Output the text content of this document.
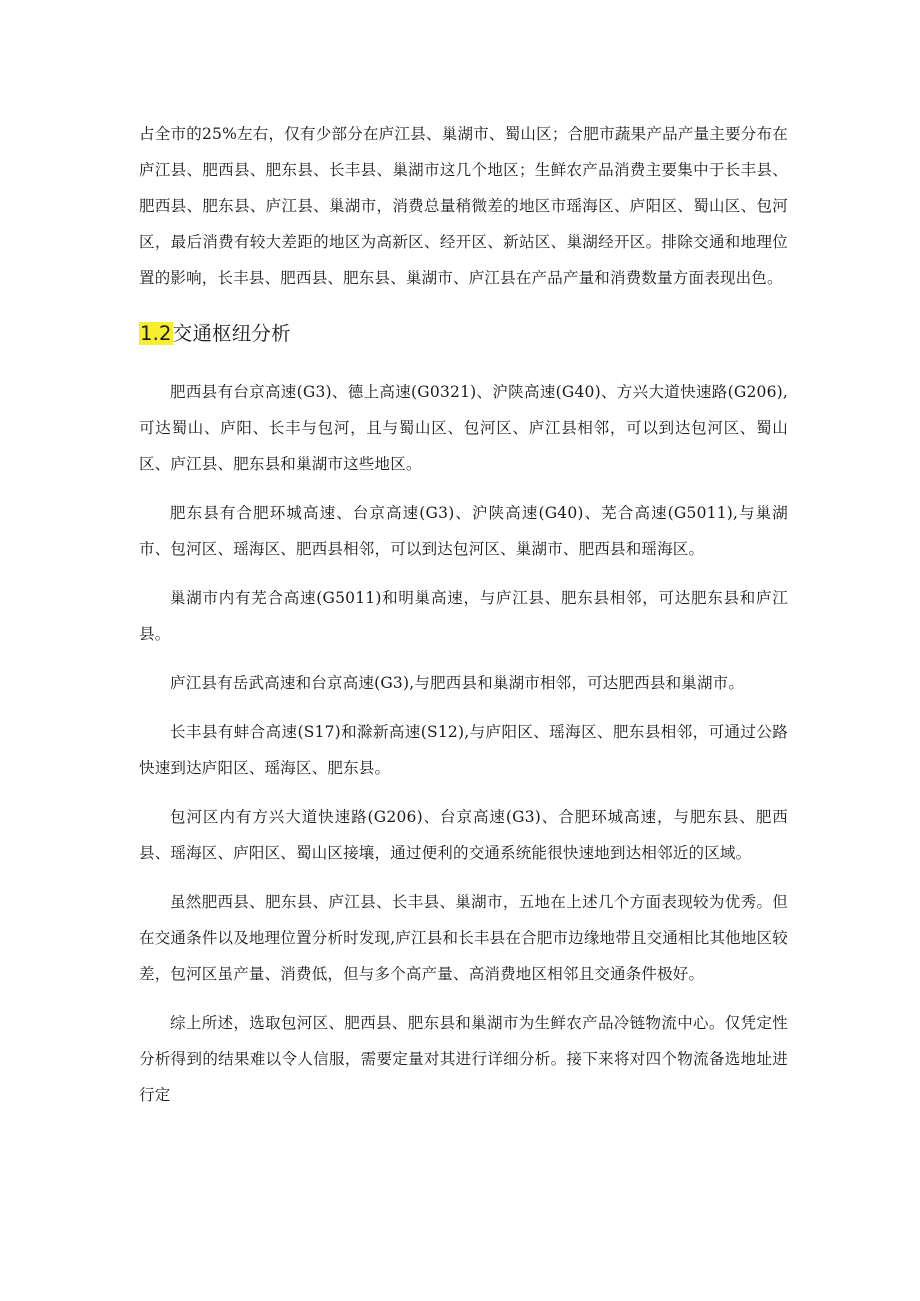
占全市的25%左右，仅有少部分在庐江县、巢湖市、蜀山区；合肥市蔬果产品产量主要分布在庐江县、肥西县、肥东县、长丰县、巢湖市这几个地区；生鲜农产品消费主要集中于长丰县、肥西县、肥东县、庐江县、巢湖市，消费总量稍微差的地区市瑶海区、庐阳区、蜀山区、包河区，最后消费有较大差距的地区为高新区、经开区、新站区、巢湖经开区。排除交通和地理位置的影响，长丰县、肥西县、肥东县、巢湖市、庐江县在产品产量和消费数量方面表现出色。

1.2交通枢纽分析

肥西县有台京高速(G3)、德上高速(G0321)、沪陕高速(G40)、方兴大道快速路(G206),可达蜀山、庐阳、长丰与包河，且与蜀山区、包河区、庐江县相邻，可以到达包河区、蜀山区、庐江县、肥东县和巢湖市这些地区。

肥东县有合肥环城高速、台京高速(G3)、沪陕高速(G40)、芜合高速(G5011),与巢湖市、包河区、瑶海区、肥西县相邻，可以到达包河区、巢湖市、肥西县和瑶海区。

巢湖市内有芜合高速(G5011)和明巢高速，与庐江县、肥东县相邻，可达肥东县和庐江县。

庐江县有岳武高速和台京高速(G3),与肥西县和巢湖市相邻，可达肥西县和巢湖市。

长丰县有蚌合高速(S17)和滁新高速(S12),与庐阳区、瑶海区、肥东县相邻，可通过公路快速到达庐阳区、瑶海区、肥东县。

包河区内有方兴大道快速路(G206)、台京高速(G3)、合肥环城高速，与肥东县、肥西县、瑶海区、庐阳区、蜀山区接壤，通过便利的交通系统能很快速地到达相邻近的区域。

虽然肥西县、肥东县、庐江县、长丰县、巢湖市，五地在上述几个方面表现较为优秀。但在交通条件以及地理位置分析时发现,庐江县和长丰县在合肥市边缘地带且交通相比其他地区较差，包河区虽产量、消费低，但与多个高产量、高消费地区相邻且交通条件极好。

综上所述，选取包河区、肥西县、肥东县和巢湖市为生鲜农产品冷链物流中心。仅凭定性分析得到的结果难以令人信服，需要定量对其进行详细分析。接下来将对四个物流备选地址进行定
